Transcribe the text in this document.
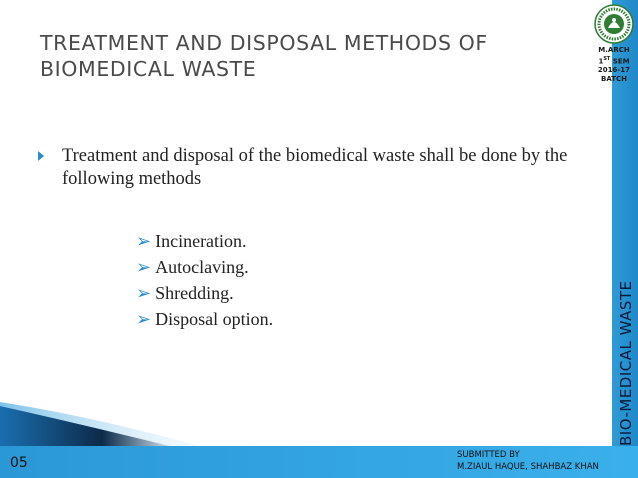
TREATMENT AND DISPOSAL METHODS OF BIOMEDICAL WASTE
BIO-MEDICAL WASTE
M.ARCH
1ST SEM
2016-17
BATCH
Treatment and disposal of the biomedical waste shall be done by the following methods
➢ Incineration.
➢ Autoclaving.
➢ Shredding.
➢ Disposal option.
05	SUBMITTED BY
M.ZIAUL HAQUE, SHAHBAZ KHAN
